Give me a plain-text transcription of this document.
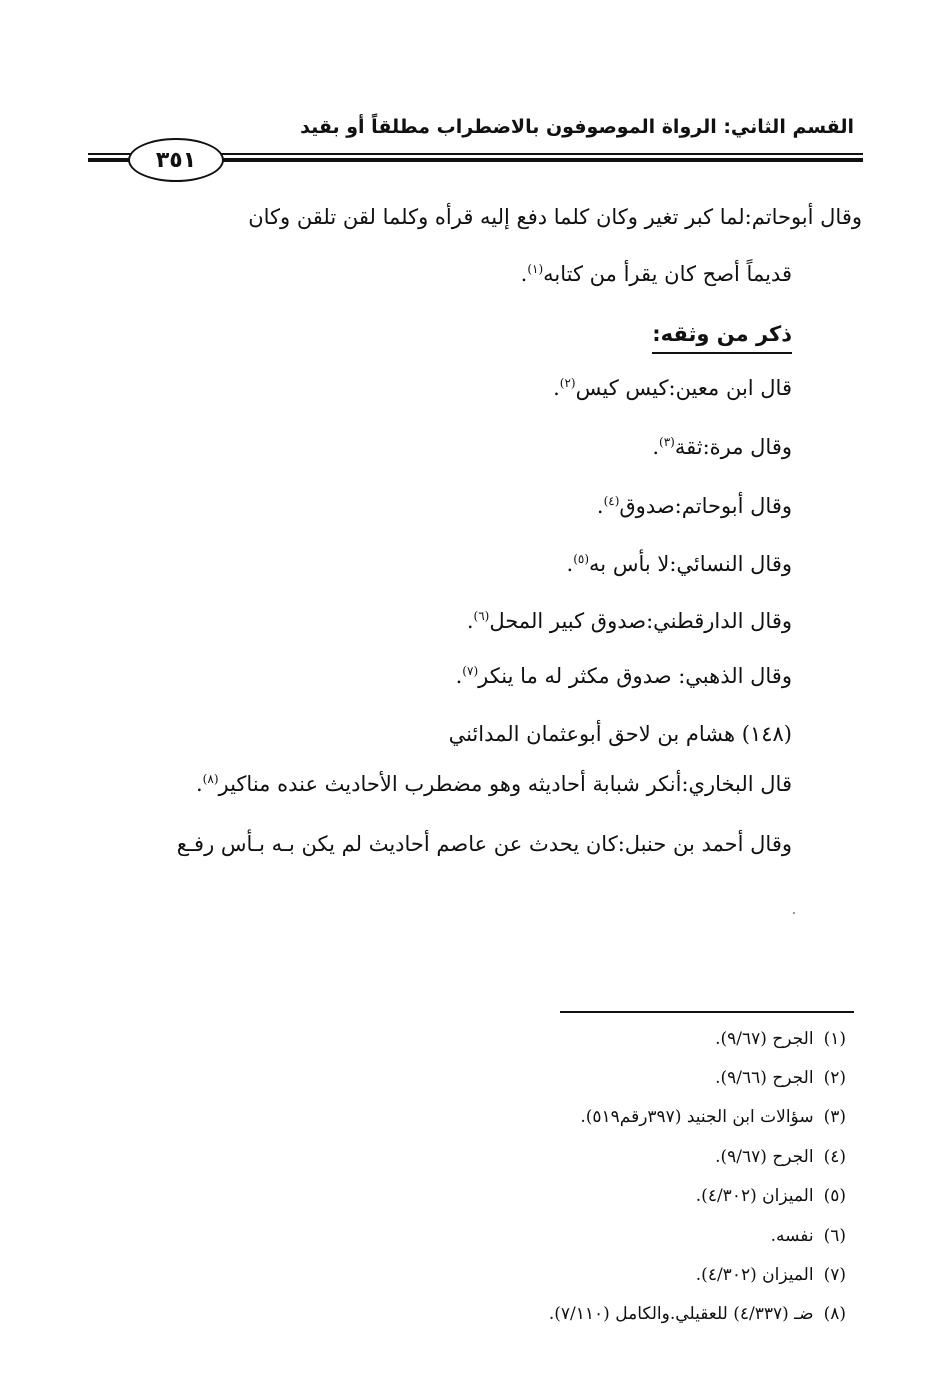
القسم الثاني: الرواة الموصوفون بالاضطراب مطلقاً أو بقيد
٣٥١
وقال أبوحاتم:لما كبر تغير وكان كلما دفع إليه قرأه وكلما لقن تلقن وكان
قديماً أصح كان يقرأ من كتابه$^{(١)}$.
ذكر من وثقه:
قال ابن معين:كيس كيس$^{(٢)}$.
وقال مرة:ثقة$^{(٣)}$.
وقال أبوحاتم:صدوق$^{(٤)}$.
وقال النسائي:لا بأس به$^{(٥)}$.
وقال الدارقطني:صدوق كبير المحل$^{(٦)}$.
وقال الذهبي: صدوق مكثر له ما ينكر$^{(٧)}$.
(١٤٨) هشام بن لاحق أبوعثمان المدائني
قال البخاري:أنكر شبابة أحاديثه وهو مضطرب الأحاديث عنده مناكير$^{(٨)}$.
وقال أحمد بن حنبل:كان يحدث عن عاصم أحاديث لم يكن بـه بـأس رفـع
(١)الجرح (٩/٦٧).
(٢)الجرح (٩/٦٦).
(٣)سؤالات ابن الجنيد (٣٩٧رقم٥١٩).
(٤)الجرح (٩/٦٧).
(٥)الميزان (٤/٣٠٢).
(٦)نفسه.
(٧)الميزان (٤/٣٠٢).
(٨)ضـ (٤/٣٣٧) للعقيلي.والكامل (٧/١١٠).
